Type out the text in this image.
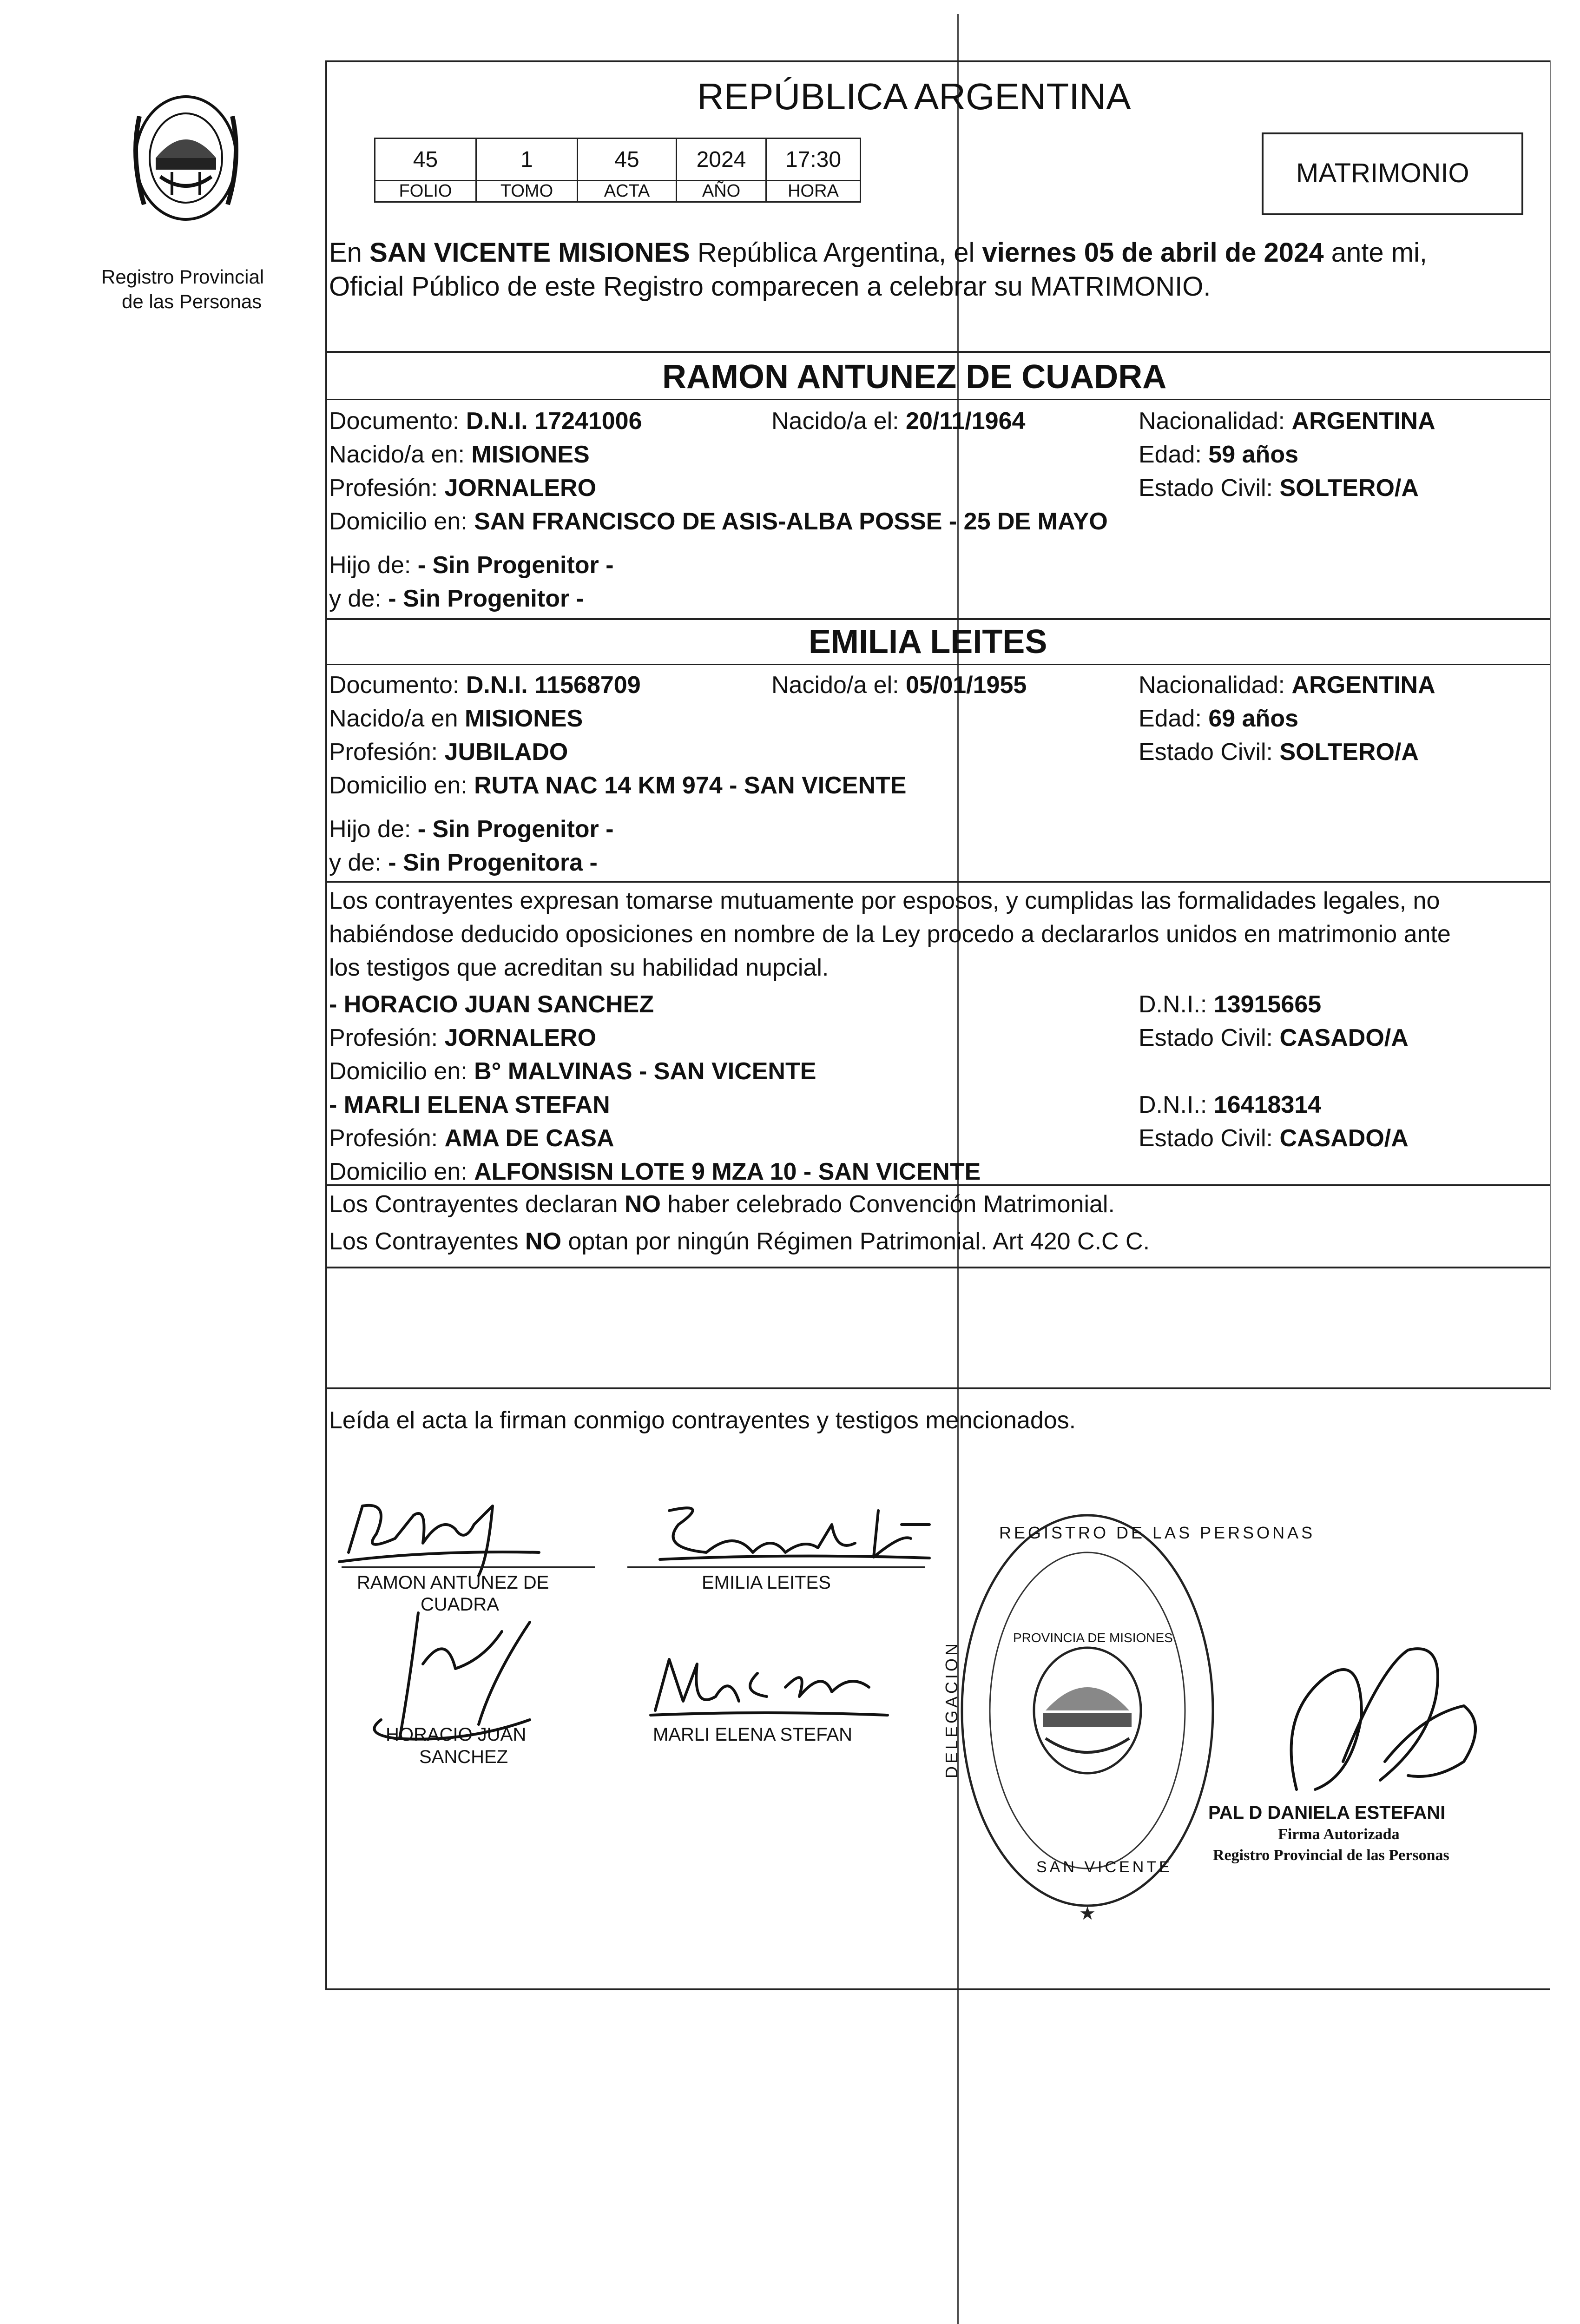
Registro Provincial
de las Personas
REPÚBLICA ARGENTINA
MATRIMONIO
45	1	45	2024	17:30
FOLIO	TOMO	ACTA	AÑO	HORA
En SAN VICENTE MISIONES República Argentina, el viernes 05 de abril de 2024 ante mi,
Oficial Público de este Registro comparecen a celebrar su MATRIMONIO.
RAMON ANTUNEZ DE CUADRA
Documento: D.N.I. 17241006	Nacido/a el: 20/11/1964	Nacionalidad: ARGENTINA
Nacido/a en: MISIONES	Edad: 59 años
Profesión: JORNALERO	Estado Civil: SOLTERO/A
Domicilio en: SAN FRANCISCO DE ASIS-ALBA POSSE - 25 DE MAYO
Hijo de: - Sin Progenitor -
y de: - Sin Progenitor -
EMILIA LEITES
Documento: D.N.I. 11568709	Nacido/a el: 05/01/1955	Nacionalidad: ARGENTINA
Nacido/a en MISIONES	Edad: 69 años
Profesión: JUBILADO	Estado Civil: SOLTERO/A
Domicilio en: RUTA NAC 14 KM 974 - SAN VICENTE
Hijo de: - Sin Progenitor -
y de: - Sin Progenitora -
Los contrayentes expresan tomarse mutuamente por esposos, y cumplidas las formalidades legales, no
habiéndose deducido oposiciones en nombre de la Ley procedo a declararlos unidos en matrimonio ante
los testigos que acreditan su habilidad nupcial.
- HORACIO JUAN SANCHEZ	D.N.I.: 13915665
Profesión: JORNALERO	Estado Civil: CASADO/A
Domicilio en: B° MALVINAS - SAN VICENTE
- MARLI ELENA STEFAN	D.N.I.: 16418314
Profesión: AMA DE CASA	Estado Civil: CASADO/A
Domicilio en: ALFONSISN LOTE 9 MZA 10 - SAN VICENTE
Los Contrayentes declaran NO haber celebrado Convención Matrimonial.
Los Contrayentes NO optan por ningún Régimen Patrimonial. Art 420 C.C C.
Leída el acta la firman conmigo contrayentes y testigos mencionados.
RAMON ANTUNEZ DE
CUADRA
EMILIA LEITES
HORACIO JUAN
SANCHEZ
MARLI ELENA STEFAN
★
REGISTRO DE LAS PERSONAS
DELEGACION
PROVINCIA DE MISIONES
SAN VICENTE
PAL D DANIELA ESTEFANI
Firma Autorizada
Registro Provincial de las Personas
